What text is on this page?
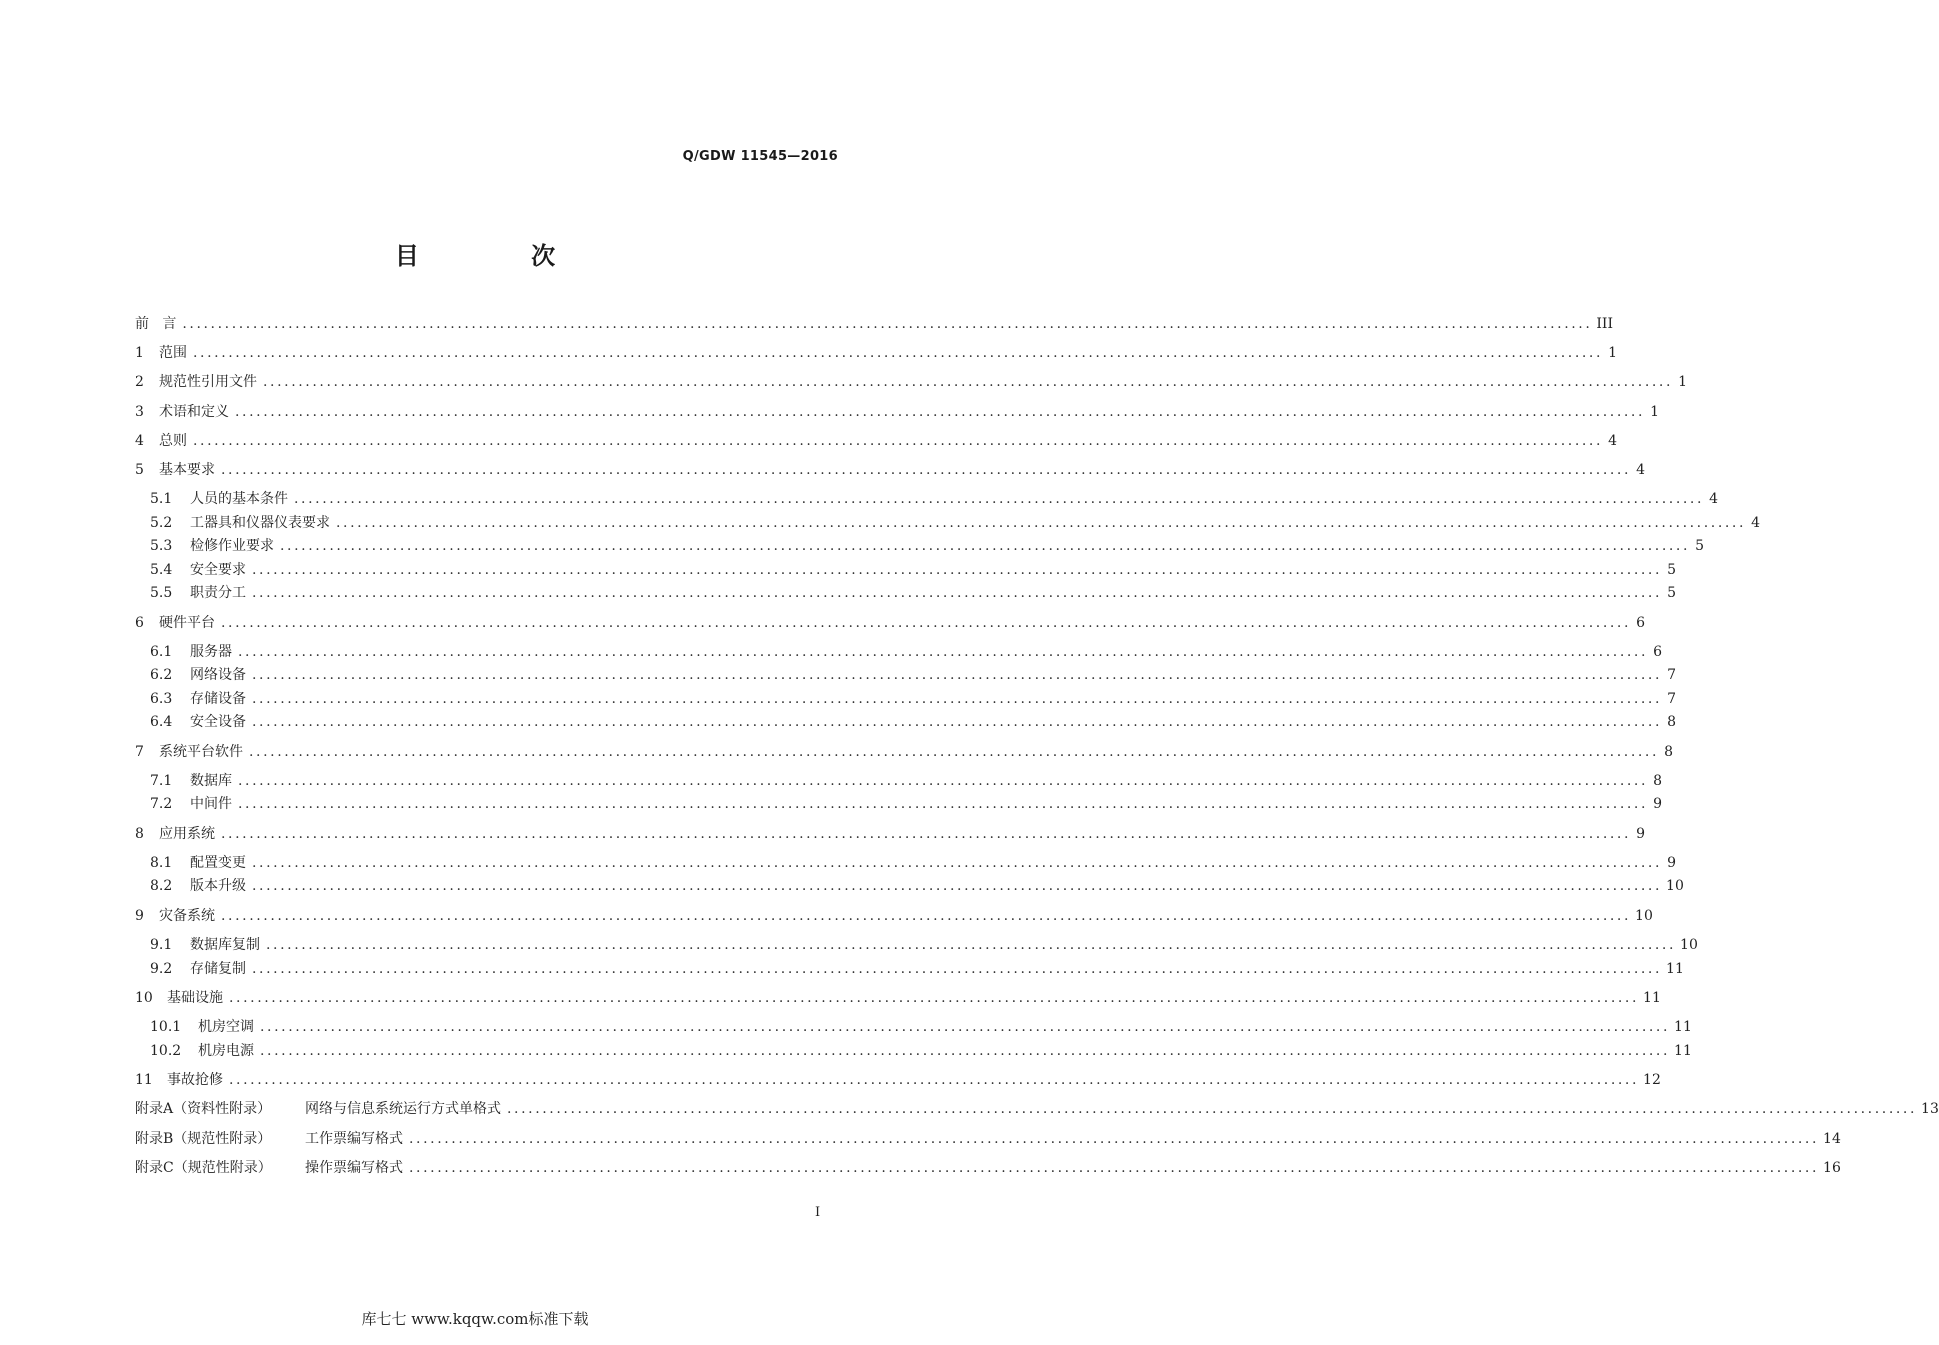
Q/GDW 11545—2016
目 次
前   言 ........................................................................................................................................................................................................ III
1	范围 ........................................................................................................................................................................................................ 1
2	规范性引用文件 ........................................................................................................................................................................................................ 1
3	术语和定义 ........................................................................................................................................................................................................ 1
4	总则 ........................................................................................................................................................................................................ 4
5	基本要求 ........................................................................................................................................................................................................ 4
5.1	人员的基本条件 ........................................................................................................................................................................................................ 4
5.2	工器具和仪器仪表要求 ........................................................................................................................................................................................................ 4
5.3	检修作业要求 ........................................................................................................................................................................................................ 5
5.4	安全要求 ........................................................................................................................................................................................................ 5
5.5	职责分工 ........................................................................................................................................................................................................ 5
6	硬件平台 ........................................................................................................................................................................................................ 6
6.1	服务器 ........................................................................................................................................................................................................ 6
6.2	网络设备 ........................................................................................................................................................................................................ 7
6.3	存储设备 ........................................................................................................................................................................................................ 7
6.4	安全设备 ........................................................................................................................................................................................................ 8
7	系统平台软件 ........................................................................................................................................................................................................ 8
7.1	数据库 ........................................................................................................................................................................................................ 8
7.2	中间件 ........................................................................................................................................................................................................ 9
8	应用系统 ........................................................................................................................................................................................................ 9
8.1	配置变更 ........................................................................................................................................................................................................ 9
8.2	版本升级 ........................................................................................................................................................................................................ 10
9	灾备系统 ........................................................................................................................................................................................................ 10
9.1	数据库复制 ........................................................................................................................................................................................................ 10
9.2	存储复制 ........................................................................................................................................................................................................ 11
10	基础设施 ........................................................................................................................................................................................................ 11
10.1	机房空调 ........................................................................................................................................................................................................ 11
10.2	机房电源 ........................................................................................................................................................................................................ 11
11	事故抢修 ........................................................................................................................................................................................................ 12
附录A（资料性附录）	网络与信息系统运行方式单格式 ........................................................................................................................................................................................................ 13
附录B（规范性附录）	工作票编写格式 ........................................................................................................................................................................................................ 14
附录C（规范性附录）	操作票编写格式 ........................................................................................................................................................................................................ 16
I
库七七 www.kqqw.com标准下载
